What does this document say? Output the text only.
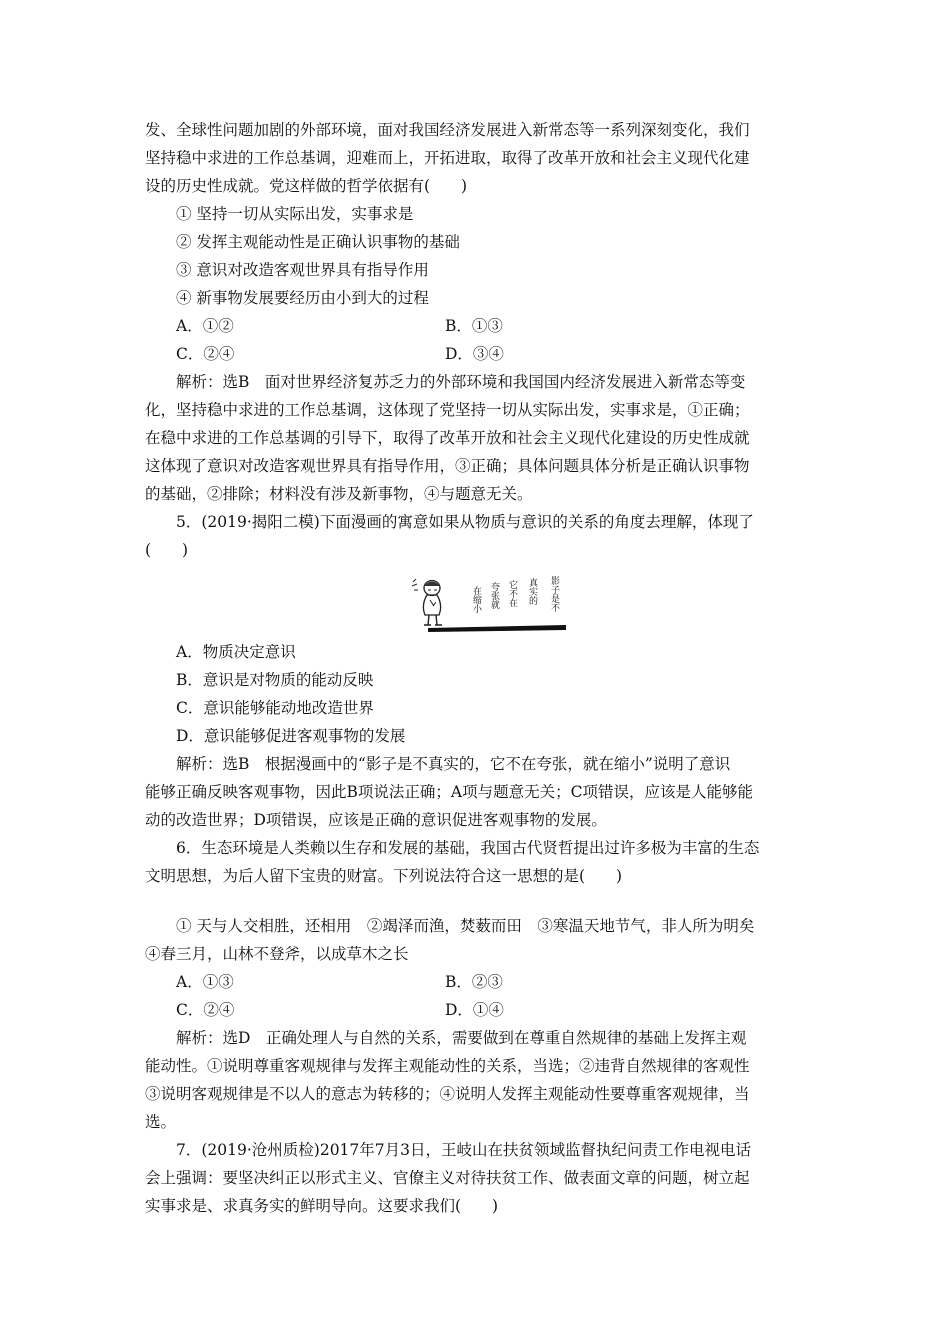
发、全球性问题加剧的外部环境，面对我国经济发展进入新常态等一系列深刻变化，我们
坚持稳中求进的工作总基调，迎难而上，开拓进取，取得了改革开放和社会主义现代化建
设的历史性成就。党这样做的哲学依据有(　　)
① 坚持一切从实际出发，实事求是
② 发挥主观能动性是正确认识事物的基础
③ 意识对改造客观世界具有指导作用
④ 新事物发展要经历由小到大的过程
A．①②	B．①③
C．②④	D．③④
解析：选B　面对世界经济复苏乏力的外部环境和我国国内经济发展进入新常态等变
化，坚持稳中求进的工作总基调，这体现了党坚持一切从实际出发，实事求是，①正确；
在稳中求进的工作总基调的引导下，取得了改革开放和社会主义现代化建设的历史性成就
这体现了意识对改造客观世界具有指导作用，③正确；具体问题具体分析是正确认识事物
的基础，②排除；材料没有涉及新事物，④与题意无关。
5．(2019·揭阳二模)下面漫画的寓意如果从物质与意识的关系的角度去理解，体现了
(　　)
在缩小 夸张就 它不在 真实的 影子是不
A．物质决定意识
B．意识是对物质的能动反映
C．意识能够能动地改造世界
D．意识能够促进客观事物的发展
解析：选B　根据漫画中的“影子是不真实的，它不在夸张，就在缩小”说明了意识
能够正确反映客观事物，因此B项说法正确；A项与题意无关；C项错误，应该是人能够能
动的改造世界；D项错误，应该是正确的意识促进客观事物的发展。
6．生态环境是人类赖以生存和发展的基础，我国古代贤哲提出过许多极为丰富的生态
文明思想，为后人留下宝贵的财富。下列说法符合这一思想的是(　　)
① 天与人交相胜，还相用　②竭泽而渔，焚薮而田　③寒温天地节气，非人所为明矣
④春三月，山林不登斧，以成草木之长
A．①③	B．②③
C．②④	D．①④
解析：选D　正确处理人与自然的关系，需要做到在尊重自然规律的基础上发挥主观
能动性。①说明尊重客观规律与发挥主观能动性的关系，当选；②违背自然规律的客观性
③说明客观规律是不以人的意志为转移的；④说明人发挥主观能动性要尊重客观规律，当
选。
7．(2019·沧州质检)2017年7月3日，王岐山在扶贫领域监督执纪问责工作电视电话
会上强调：要坚决纠正以形式主义、官僚主义对待扶贫工作、做表面文章的问题，树立起
实事求是、求真务实的鲜明导向。这要求我们(　　)
